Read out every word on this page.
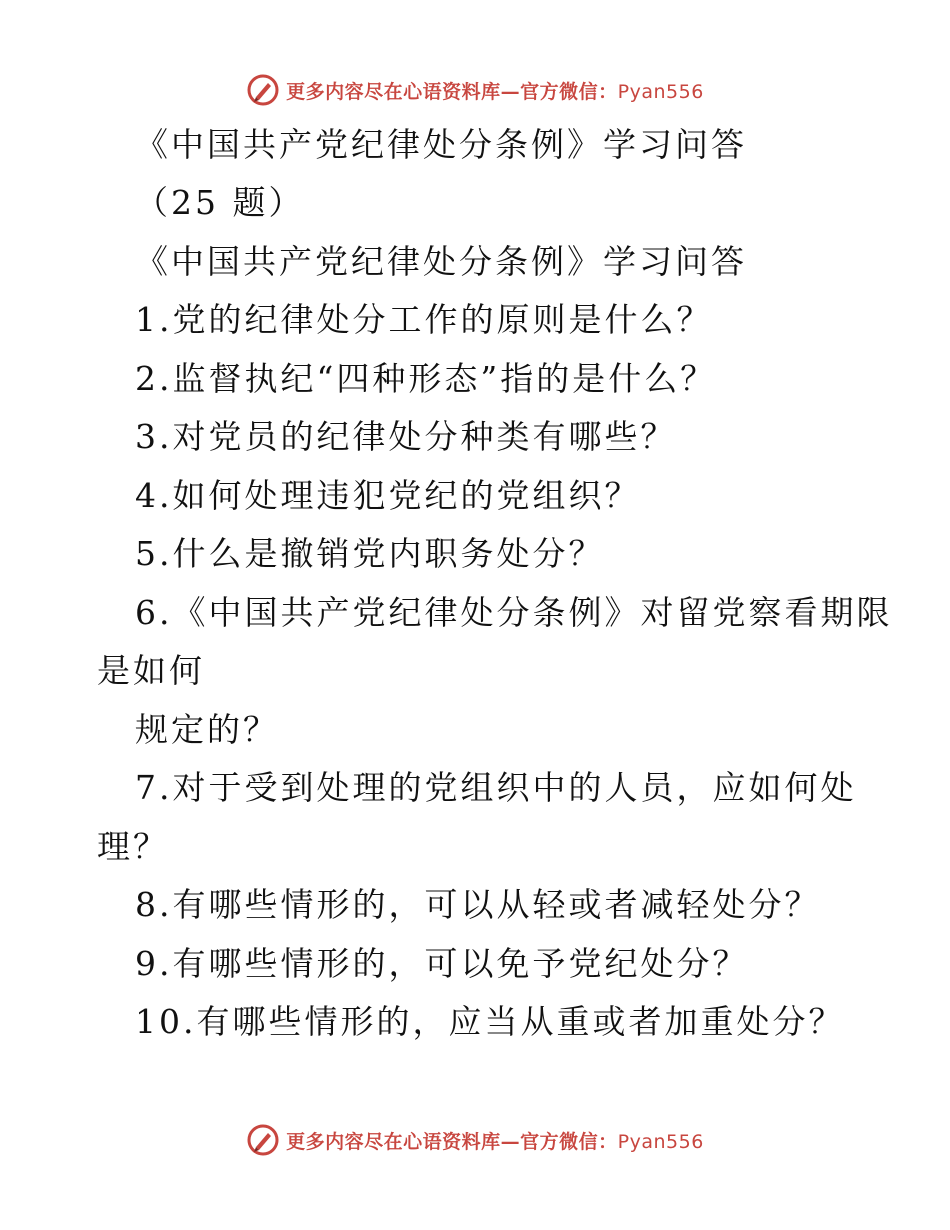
更多内容尽在心语资料库—官方微信：Pyan556
《中国共产党纪律处分条例》学习问答
（25 题）
《中国共产党纪律处分条例》学习问答
1.党的纪律处分工作的原则是什么？
2.监督执纪“四种形态”指的是什么？
3.对党员的纪律处分种类有哪些？
4.如何处理违犯党纪的党组织？
5.什么是撤销党内职务处分？
6.《中国共产党纪律处分条例》对留党察看期限
是如何
规定的？
7.对于受到处理的党组织中的人员，应如何处
理？
8.有哪些情形的，可以从轻或者减轻处分？
9.有哪些情形的，可以免予党纪处分？
10.有哪些情形的，应当从重或者加重处分？
更多内容尽在心语资料库—官方微信：Pyan556
